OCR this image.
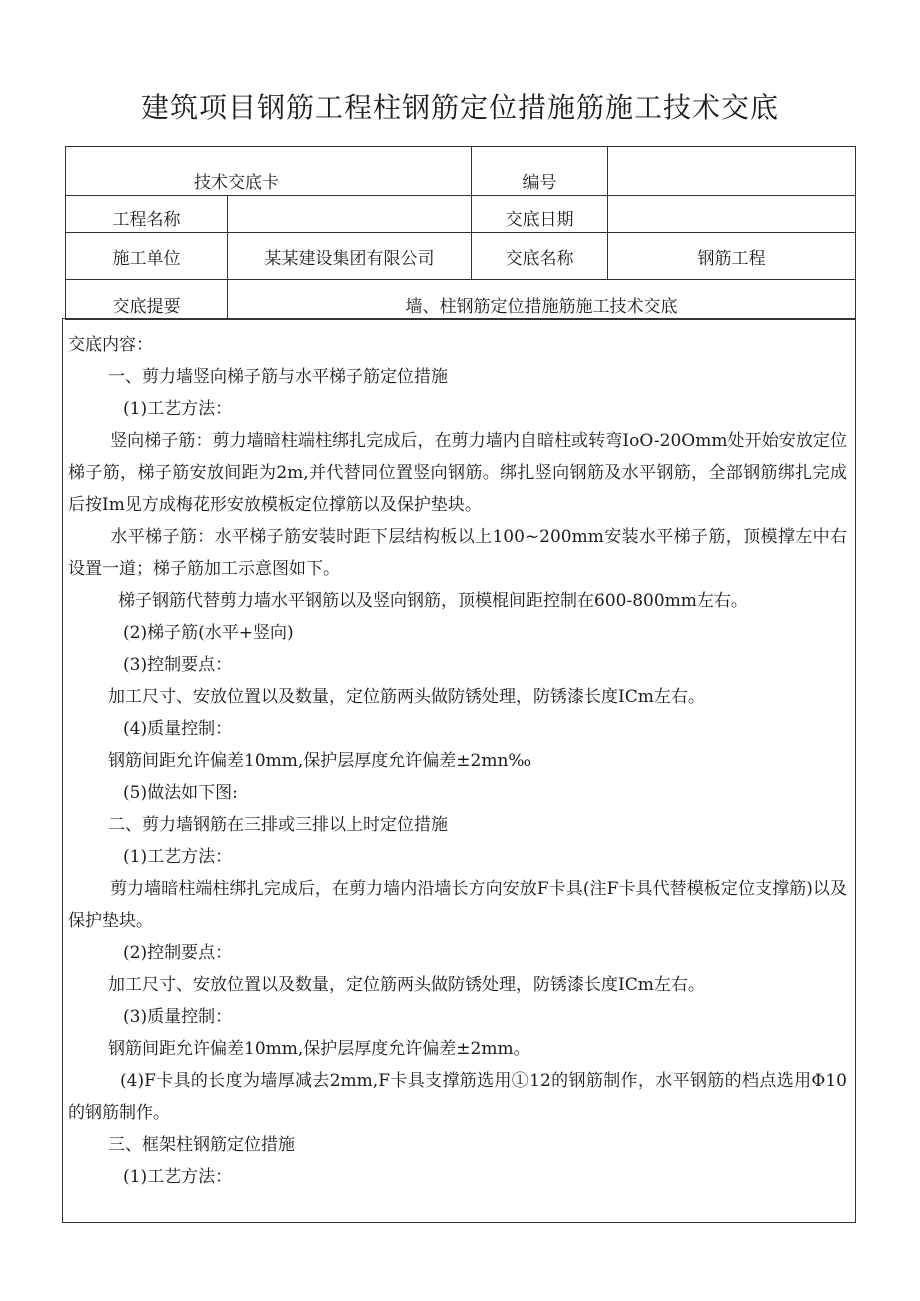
建筑项目钢筋工程柱钢筋定位措施筋施工技术交底
技术交底卡		编号	
工程名称		交底日期	
施工单位	某某建设集团有限公司	交底名称	钢筋工程
交底提要	墙、柱钢筋定位措施筋施工技术交底		

交底内容：

一、剪力墙竖向梯子筋与水平梯子筋定位措施

(1)工艺方法：

竖向梯子筋：剪力墙暗柱端柱绑扎完成后，在剪力墙内自暗柱或转弯IoO-20Omm处开始安放定位梯子筋，梯子筋安放间距为2m,并代替同位置竖向钢筋。绑扎竖向钢筋及水平钢筋，全部钢筋绑扎完成后按Im见方成梅花形安放模板定位撑筋以及保护垫块。

水平梯子筋：水平梯子筋安装时距下层结构板以上100~200mm安装水平梯子筋，顶模撑左中右设置一道；梯子筋加工示意图如下。

梯子钢筋代替剪力墙水平钢筋以及竖向钢筋，顶模棍间距控制在600-800mm左右。

(2)梯子筋(水平+竖向)

(3)控制要点：

加工尺寸、安放位置以及数量，定位筋两头做防锈处理，防锈漆长度ICm左右。

(4)质量控制：

钢筋间距允许偏差10mm,保护层厚度允许偏差±2mn‰

(5)做法如下图:

二、剪力墙钢筋在三排或三排以上时定位措施

(1)工艺方法：

剪力墙暗柱端柱绑扎完成后，在剪力墙内沿墙长方向安放F卡具(注F卡具代替模板定位支撑筋)以及保护垫块。

(2)控制要点：

加工尺寸、安放位置以及数量，定位筋两头做防锈处理，防锈漆长度ICm左右。

(3)质量控制：

钢筋间距允许偏差10mm,保护层厚度允许偏差±2mm。

(4)F卡具的长度为墙厚减去2mm,F卡具支撑筋选用①12的钢筋制作，水平钢筋的档点选用Φ10的钢筋制作。

三、框架柱钢筋定位措施

(1)工艺方法：
